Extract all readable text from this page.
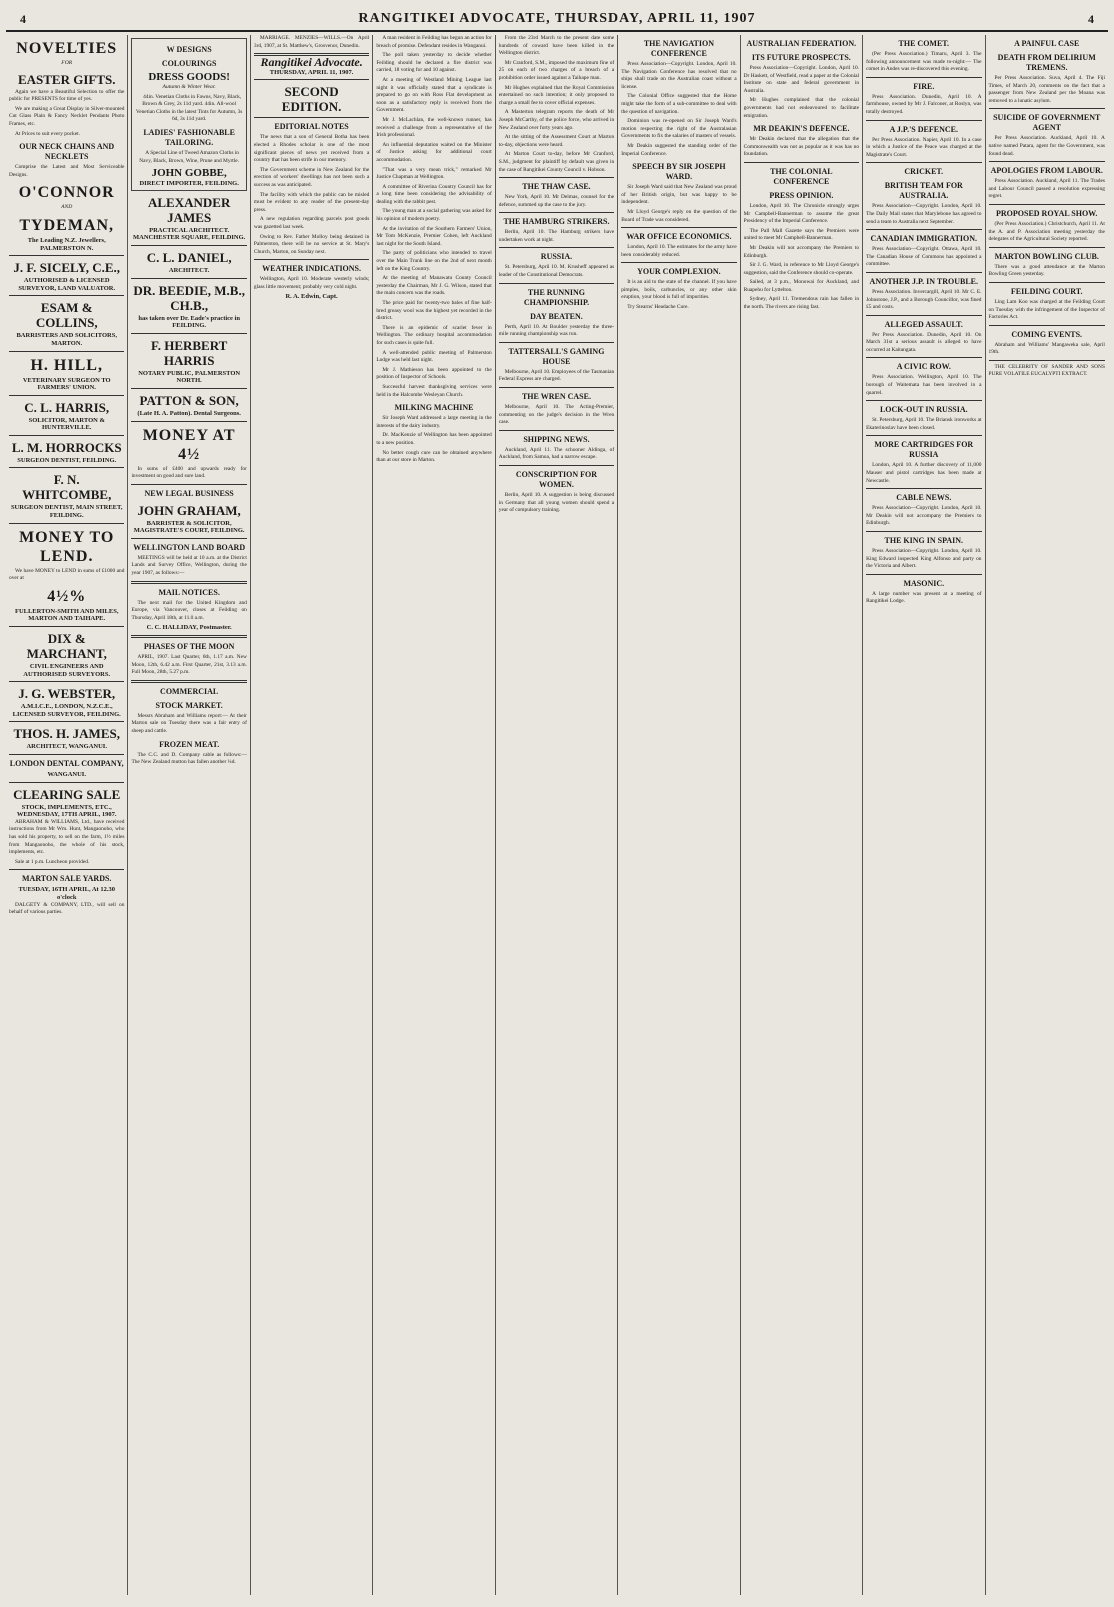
4	RANGITIKEI ADVOCATE, THURSDAY, APRIL 11, 1907	4
NOVELTIES
FOR
EASTER GIFTS.

Again we have a Beautiful Selection to offer the public for PRESENTS for time of yes.

We are making a Great Display in Silver-mounted Cut Glass Plain & Fancy Necklet Pendants Photo Frames, etc.

At Prices to suit every pocket.

OUR NECK CHAINS AND NECKLETS

Comprise the Latest and Most Serviceable Designs.

O'CONNOR
AND
TYDEMAN,
The Leading N.Z. Jewellers, PALMERSTON N.
J. F. SICELY, C.E.,
AUTHORISED & LICENSED SURVEYOR, LAND VALUATOR.
ESAM & COLLINS,
BARRISTERS AND SOLICITORS, MARTON.
H. HILL,
VETERINARY SURGEON TO FARMERS' UNION.
C. L. HARRIS,
SOLICITOR, MARTON & HUNTERVILLE.
L. M. HORROCKS
SURGEON DENTIST, FEILDING.
F. N. WHITCOMBE,
SURGEON DENTIST, MAIN STREET, FEILDING.
MONEY TO LEND.

We have MONEY to LEND in sums of £1000 and over at

4½%
FULLERTON-SMITH AND MILES, MARTON AND TAIHAPE.
DIX & MARCHANT,
CIVIL ENGINEERS AND AUTHORISED SURVEYORS.
J. G. WEBSTER,
A.M.I.C.E., LONDON, N.Z.C.E., LICENSED SURVEYOR, FEILDING.
THOS. H. JAMES,
ARCHITECT, WANGANUI.
LONDON DENTAL COMPANY,
WANGANUI.
CLEARING SALE
STOCK, IMPLEMENTS, ETC., WEDNESDAY, 17TH APRIL, 1907.

ABRAHAM & WILLIAMS, Ltd., have received instructions from Mr Wm. Hunt, Mangaonoho, who has sold his property, to sell on the farm, 1½ miles from Mangaonoho, the whole of his stock, implements, etc.

Sale at 1 p.m. Luncheon provided.

MARTON SALE YARDS.
TUESDAY, 16TH APRIL, At 12.30 o'clock

DALGETY & COMPANY, LTD., will sell on behalf of various parties.

W DESIGNS
COLOURINGS
DRESS GOODS!
Autumn & Winter Wear.

44in. Venetian Cloths in Fawns, Navy, Black, Brown & Grey, 2s 11d yard. 44in. All-wool Venetian Cloths in the latest Tints for Autumn, 3s 6d, 3s 11d yard.

LADIES' FASHIONABLE TAILORING.

A Special Line of Tweed Amazon Cloths in Navy, Black, Brown, Wine, Prune and Myrtle.

JOHN GOBBE,
DIRECT IMPORTER, FEILDING.
ALEXANDER JAMES
PRACTICAL ARCHITECT. MANCHESTER SQUARE, FEILDING.
C. L. DANIEL,
ARCHITECT.
DR. BEEDIE, M.B., CH.B.,
has taken over Dr. Eade's practice in FEILDING.
F. HERBERT HARRIS
NOTARY PUBLIC, PALMERSTON NORTH.
PATTON & SON,
(Late H. A. Patton). Dental Surgeons.
MONEY AT 4½

In sums of £400 and upwards ready for investment on good and sure land.

NEW LEGAL BUSINESS
JOHN GRAHAM,
BARRISTER & SOLICITOR, MAGISTRATE'S COURT, FEILDING.
WELLINGTON LAND BOARD

MEETINGS will be held at 10 a.m. at the District Lands and Survey Office, Wellington, during the year 1907, as follows:—

MAIL NOTICES.

The next mail for the United Kingdom and Europe, via Vancouver, closes at Feilding on Thursday, April 18th, at 11.0 a.m.

C. C. HALLIDAY, Postmaster.
PHASES OF THE MOON

APRIL, 1907. Last Quarter, 6th, 1.17 a.m. New Moon, 12th, 6.42 a.m. First Quarter, 21st, 3.13 a.m. Full Moon, 28th, 5.27 p.m.

COMMERCIAL
STOCK MARKET.

Messrs Abraham and Williams report:— At their Marton sale on Tuesday there was a fair entry of sheep and cattle.

FROZEN MEAT.

The C.C. and D. Company cable as follows:— The New Zealand mutton has fallen another ¼d.

MARRIAGE. MENZIES—WILLS.—On April 3rd, 1907, at St. Matthew's, Grosvenor, Dunedin.

Rangitikei Advocate.
THURSDAY, APRIL 11, 1907.
SECOND EDITION.
EDITORIAL NOTES

The news that a son of General Botha has been elected a Rhodes scholar is one of the most significant pieces of news yet received from a country that has been strife in our memory.

The Government scheme in New Zealand for the erection of workers' dwellings has not been such a success as was anticipated.

The facility with which the public can be misled must be evident to any reader of the present-day press.

A new regulation regarding parcels post goods was gazetted last week.

Owing to Rev. Father Molloy being detained in Palmerston, there will be no service at St. Mary's Church, Marton, on Sunday next.

WEATHER INDICATIONS.

Wellington, April 10. Moderate westerly winds; glass little movement; probably very cold night.

R. A. Edwin, Capt.

A man resident in Feilding has begun an action for breach of promise. Defendant resides in Wanganui.

The poll taken yesterday to decide whether Feilding should be declared a fire district was carried, 18 voting for and 10 against.

At a meeting of Westland Mining League last night it was officially stated that a syndicate is prepared to go on with Ross Flat development as soon as a satisfactory reply is received from the Government.

Mr J. McLachlan, the well-known runner, has received a challenge from a representative of the Irish professional.

An influential deputation waited on the Minister of Justice asking for additional court accommodation.

"That was a very mean trick," remarked Mr Justice Chapman at Wellington.

A committee of Riverina Country Council has for a long time been considering the advisability of dealing with the rabbit pest.

The young man at a social gathering was asked for his opinion of modern poetry.

At the invitation of the Southern Farmers' Union, Mr Tom McKenzie, Premier Cohen, left Auckland last night for the South Island.

The party of politicians who intended to travel over the Main Trunk line on the 2nd of next month left on the King Country.

At the meeting of Manawatu County Council yesterday the Chairman, Mr J. G. Wilson, stated that the main concern was the roads.

The price paid for twenty-two bales of fine half-bred greasy wool was the highest yet recorded in the district.

There is an epidemic of scarlet fever in Wellington. The ordinary hospital accommodation for such cases is quite full.

A well-attended public meeting of Palmerston Lodge was held last night.

Mr J. Mathieson has been appointed to the position of Inspector of Schools.

Successful harvest thanksgiving services were held in the Halcombe Wesleyan Church.

MILKING MACHINE

Sir Joseph Ward addressed a large meeting in the interests of the dairy industry.

Dr. MacKenzie of Wellington has been appointed to a new position.

No better cough cure can be obtained anywhere than at our store in Marton.

From the 23rd March to the present date some hundreds of coward have been killed in the Wellington district.

Mr Cranford, S.M., imposed the maximum fine of 25 on each of two charges of a breach of a prohibition order issued against a Taihape man.

Mr Hughes explained that the Royal Commission entertained no such intention; it only proposed to charge a small fee to cover official expenses.

A Masterton telegram reports the death of Mr Joseph McCarthy, of the police force, who arrived in New Zealand over forty years ago.

At the sitting of the Assessment Court at Marton to-day, objections were heard.

At Marton Court to-day, before Mr Cranford, S.M., judgment for plaintiff by default was given in the case of Rangitikei County Council v. Hobson.

THE THAW CASE.

New York, April 10. Mr Delmas, counsel for the defence, summed up the case to the jury.

THE HAMBURG STRIKERS.

Berlin, April 10. The Hamburg strikers have undertaken work at night.

RUSSIA.

St. Petersburg, April 10. M. Krusheff appeared as leader of the Constitutional Democrats.

THE RUNNING CHAMPIONSHIP.
DAY BEATEN.

Perth, April 10. At Boulder yesterday the three-mile running championship was run.

TATTERSALL'S GAMING HOUSE

Melbourne, April 10. Employees of the Tasmanian Federal Express are charged.

THE WREN CASE.

Melbourne, April 10. The Acting-Premier, commenting on the judge's decision in the Wren case.

SHIPPING NEWS.

Auckland, April 11. The schooner Aldinga, of Auckland, from Samoa, had a narrow escape.

CONSCRIPTION FOR WOMEN.

Berlin, April 10. A suggestion is being discussed in Germany that all young women should spend a year of compulsory training.

THE NAVIGATION CONFERENCE

Press Association—Copyright. London, April 10. The Navigation Conference has resolved that no ships shall trade on the Australian coast without a license.

The Colonial Office suggested that the Home might take the form of a sub-committee to deal with the question of navigation.

Dominion was re-opened on Sir Joseph Ward's motion respecting the right of the Australasian Governments to fix the salaries of masters of vessels.

Mr Deakin suggested the standing order of the Imperial Conference.

SPEECH BY SIR JOSEPH WARD.

Sir Joseph Ward said that New Zealand was proud of her British origin, but was happy to be independent.

Mr Lloyd George's reply on the question of the Board of Trade was considered.

WAR OFFICE ECONOMICS.

London, April 10. The estimates for the army have been considerably reduced.

YOUR COMPLEXION.

It is an aid to the state of the channel. If you have pimples, boils, carbuncles, or any other skin eruption, your blood is full of impurities.

Try Stearns' Headache Cure.

AUSTRALIAN FEDERATION.
ITS FUTURE PROSPECTS.

Press Association—Copyright. London, April 10. Dr Haskett, of Westfield, read a paper at the Colonial Institute on state and federal government in Australia.

Mr Hughes complained that the colonial governments had not endeavoured to facilitate emigration.

MR DEAKIN'S DEFENCE.

Mr Deakin declared that the allegation that the Commonwealth was not as popular as it was has no foundation.

THE COLONIAL CONFERENCE
PRESS OPINION.

London, April 10. The Chronicle strongly urges Mr Campbell-Bannerman to assume the great Presidency of the Imperial Conference.

The Pall Mall Gazette says the Premiers were united to meet Mr Campbell-Bannerman.

Mr Deakin will not accompany the Premiers to Edinburgh.

Sir J. G. Ward, in reference to Mr Lloyd George's suggestion, said the Conference should co-operate.

Sailed, at 3 p.m., Monowai for Auckland, and Ruapehu for Lyttelton.

Sydney, April 11. Tremendous rain has fallen in the north. The rivers are rising fast.

THE COMET.

(Per Press Association.) Timaru, April 3. The following announcement was made to-night:— The comet in Andes was re-discovered this evening.

FIRE.

Press Association. Dunedin, April 10. A farmhouse, owned by Mr J. Falconer, at Roslyn, was totally destroyed.

A J.P.'S DEFENCE.

Per Press Association. Napier, April 10. In a case in which a Justice of the Peace was charged at the Magistrate's Court.

CRICKET.
BRITISH TEAM FOR AUSTRALIA.

Press Association—Copyright. London, April 10. The Daily Mail states that Marylebone has agreed to send a team to Australia next September.

CANADIAN IMMIGRATION.

Press Association—Copyright. Ottawa, April 10. The Canadian House of Commons has appointed a committee.

ANOTHER J.P. IN TROUBLE.

Press Association. Invercargill, April 10. Mr C. E. Johnstone, J.P., and a Borough Councillor, was fined £5 and costs.

ALLEGED ASSAULT.

Per Press Association. Dunedin, April 10. On March 31st a serious assault is alleged to have occurred at Kaitangata.

A CIVIC ROW.

Press Association. Wellington, April 10. The borough of Waitemata has been involved in a quarrel.

LOCK-OUT IN RUSSIA.

St. Petersburg, April 10. The Briansk ironworks at Ekaterinoslav have been closed.

MORE CARTRIDGES FOR RUSSIA

London, April 10. A further discovery of 11,000 Mauser and pistol cartridges has been made at Newcastle.

CABLE NEWS.

Press Association—Copyright. London, April 10. Mr Deakin will not accompany the Premiers to Edinburgh.

THE KING IN SPAIN.

Press Association—Copyright. London, April 10. King Edward inspected King Alfonso and party on the Victoria and Albert.

MASONIC.

A large number was present at a meeting of Rangitikei Lodge.

A PAINFUL CASE
DEATH FROM DELIRIUM TREMENS.

Per Press Association. Suva, April 4. The Fiji Times, of March 20, comments on the fact that a passenger from New Zealand per the Moana was removed to a lunatic asylum.

SUICIDE OF GOVERNMENT AGENT

Per Press Association. Auckland, April 10. A native named Patara, agent for the Government, was found dead.

APOLOGIES FROM LABOUR.

Press Association. Auckland, April 11. The Trades and Labour Council passed a resolution expressing regret.

PROPOSED ROYAL SHOW.

(Per Press Association.) Christchurch, April 11. At the A. and P. Association meeting yesterday the delegates of the Agricultural Society reported.

MARTON BOWLING CLUB.

There was a good attendance at the Marton Bowling Green yesterday.

FEILDING COURT.

Ling Lam Koo was charged at the Feilding Court on Tuesday with the infringement of the Inspector of Factories Act.

COMING EVENTS.

Abraham and Williams' Mangaweka sale, April 19th.

THE CELEBRITY OF SANDER AND SONS PURE VOLATILE EUCALYPTI EXTRACT.
